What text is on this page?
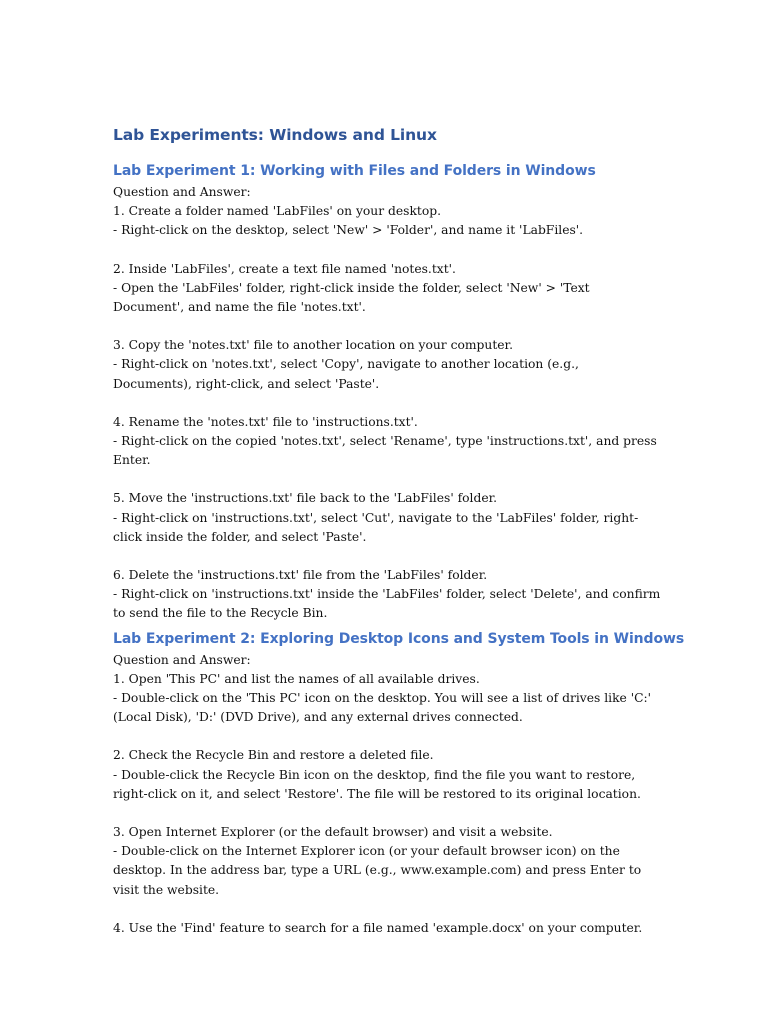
Lab Experiments: Windows and Linux
Lab Experiment 1: Working with Files and Folders in Windows

Question and Answer:

1. Create a folder named 'LabFiles' on your desktop.

- Right-click on the desktop, select 'New' > 'Folder', and name it 'LabFiles'.

2. Inside 'LabFiles', create a text file named 'notes.txt'.

- Open the 'LabFiles' folder, right-click inside the folder, select 'New' > 'Text Document', and name the file 'notes.txt'.

3. Copy the 'notes.txt' file to another location on your computer.

- Right-click on 'notes.txt', select 'Copy', navigate to another location (e.g., Documents), right-click, and select 'Paste'.

4. Rename the 'notes.txt' file to 'instructions.txt'.

- Right-click on the copied 'notes.txt', select 'Rename', type 'instructions.txt', and press Enter.

5. Move the 'instructions.txt' file back to the 'LabFiles' folder.

- Right-click on 'instructions.txt', select 'Cut', navigate to the 'LabFiles' folder, right-click inside the folder, and select 'Paste'.

6. Delete the 'instructions.txt' file from the 'LabFiles' folder.

- Right-click on 'instructions.txt' inside the 'LabFiles' folder, select 'Delete', and confirm to send the file to the Recycle Bin.

Lab Experiment 2: Exploring Desktop Icons and System Tools in Windows

Question and Answer:

1. Open 'This PC' and list the names of all available drives.

- Double-click on the 'This PC' icon on the desktop. You will see a list of drives like 'C:' (Local Disk), 'D:' (DVD Drive), and any external drives connected.

2. Check the Recycle Bin and restore a deleted file.

- Double-click the Recycle Bin icon on the desktop, find the file you want to restore, right-click on it, and select 'Restore'. The file will be restored to its original location.

3. Open Internet Explorer (or the default browser) and visit a website.

- Double-click on the Internet Explorer icon (or your default browser icon) on the desktop. In the address bar, type a URL (e.g., www.example.com) and press Enter to visit the website.

4. Use the 'Find' feature to search for a file named 'example.docx' on your computer.
